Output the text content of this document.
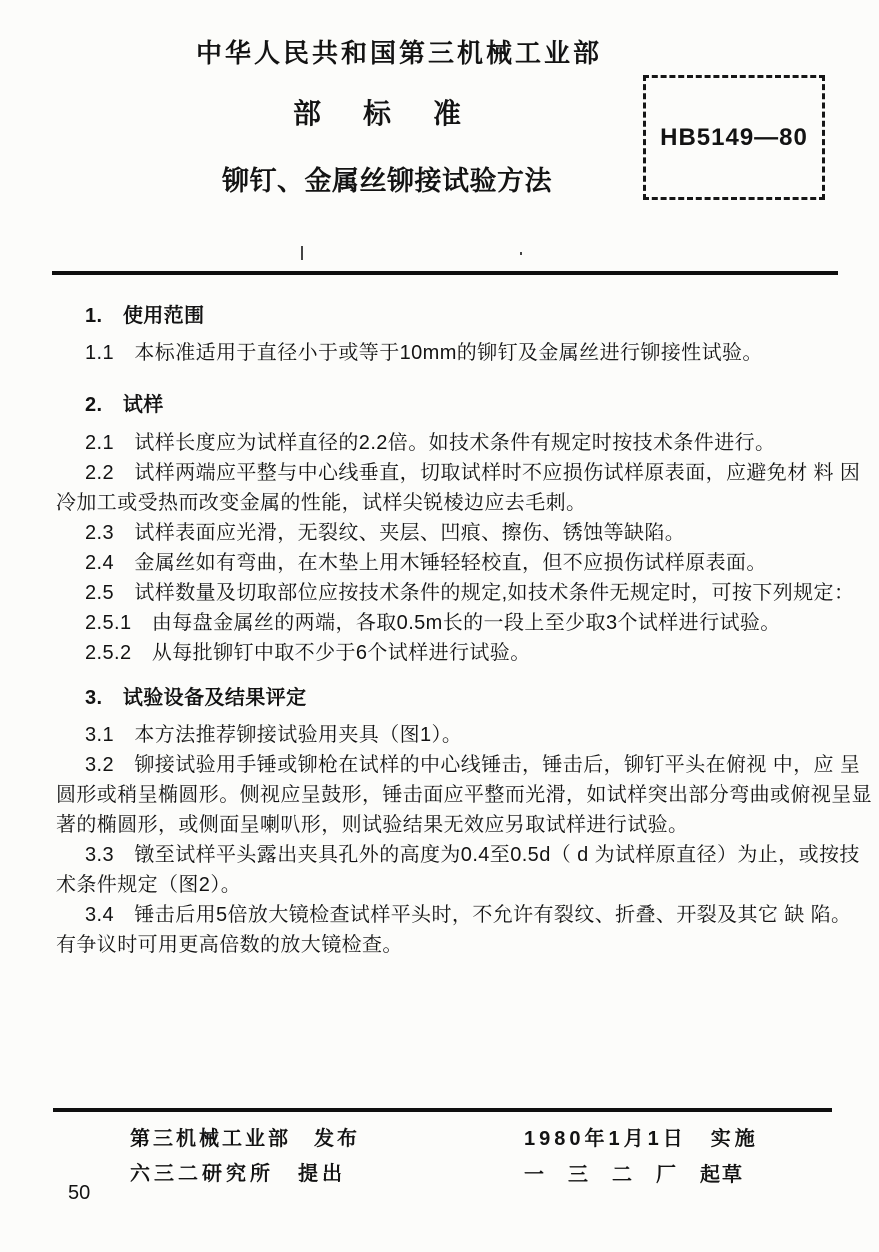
中华人民共和国第三机械工业部
部标准
铆钉、金属丝铆接试验方法
HB5149—80
1.　使用范围
1.1　本标准适用于直径小于或等于10mm的铆钉及金属丝进行铆接性试验。
2.　试样
2.1　试样长度应为试样直径的2.2倍。如技术条件有规定时按技术条件进行。
2.2　试样两端应平整与中心线垂直，切取试样时不应损伤试样原表面，应避免材 料 因
冷加工或受热而改变金属的性能，试样尖锐棱边应去毛刺。
2.3　试样表面应光滑，无裂纹、夹层、凹痕、擦伤、锈蚀等缺陷。
2.4　金属丝如有弯曲，在木垫上用木锤轻轻校直，但不应损伤试样原表面。
2.5　试样数量及切取部位应按技术条件的规定,如技术条件无规定时，可按下列规定：
2.5.1　由每盘金属丝的两端，各取0.5m长的一段上至少取3个试样进行试验。
2.5.2　从每批铆钉中取不少于6个试样进行试验。
3.　试验设备及结果评定
3.1　本方法推荐铆接试验用夹具（图1）。
3.2　铆接试验用手锤或铆枪在试样的中心线锤击，锤击后，铆钉平头在俯视 中，应 呈
圆形或稍呈椭圆形。侧视应呈鼓形，锤击面应平整而光滑，如试样突出部分弯曲或俯视呈显
著的椭圆形，或侧面呈喇叭形，则试验结果无效应另取试样进行试验。
3.3　镦至试样平头露出夹具孔外的高度为0.4至0.5d（ d 为试样原直径）为止，或按技
术条件规定（图2）。
3.4　锤击后用5倍放大镜检查试样平头时，不允许有裂纹、折叠、开裂及其它 缺 陷。
有争议时可用更高倍数的放大镜检查。
第三机械工业部　发布
六三二研究所　提出
1980年1月1日　实施
一　三　二　厂　起草
50
